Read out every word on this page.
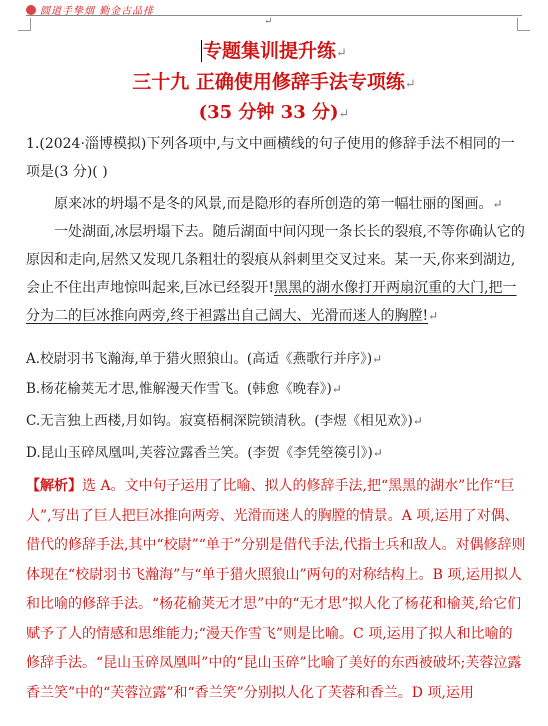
圆道手挚烟 勤金古品排
↵
专题集训提升练↵
三十九 正确使用修辞手法专项练↵
(35 分钟 33 分)↵
1.(2024·淄博模拟)下列各项中,与文中画横线的句子使用的修辞手法不相同的一项是(3 分)( )
原来冰的坍塌不是冬的风景,而是隐形的春所创造的第一幅壮丽的图画。↵
一处湖面,冰层坍塌下去。随后湖面中间闪现一条长长的裂痕,不等你确认它的原因和走向,居然又发现几条粗壮的裂痕从斜刺里交叉过来。某一天,你来到湖边,会止不住出声地惊叫起来,巨冰已经裂开!黑黑的湖水像打开两扇沉重的大门,把一分为二的巨冰推向两旁,终于袒露出自己阔大、光滑而迷人的胸膛!↵
A.校尉羽书飞瀚海,单于猎火照狼山。(高适《燕歌行并序》)↵
B.杨花榆荚无才思,惟解漫天作雪飞。(韩愈《晚春》)↵
C.无言独上西楼,月如钩。寂寞梧桐深院锁清秋。(李煜《相见欢》)↵
D.昆山玉碎凤凰叫,芙蓉泣露香兰笑。(李贺《李凭箜篌引》)↵
【解析】选 A。文中句子运用了比喻、拟人的修辞手法,把“黑黑的湖水”比作“巨人”,写出了巨人把巨冰推向两旁、光滑而迷人的胸膛的情景。A 项,运用了对偶、借代的修辞手法,其中“校尉”“单于”分别是借代手法,代指士兵和敌人。对偶修辞则体现在“校尉羽书飞瀚海”与“单于猎火照狼山”两句的对称结构上。B 项,运用拟人和比喻的修辞手法。“杨花榆荚无才思”中的“无才思”拟人化了杨花和榆荚,给它们赋予了人的情感和思维能力;“漫天作雪飞”则是比喻。C 项,运用了拟人和比喻的修辞手法。“昆山玉碎凤凰叫”中的“昆山玉碎”比喻了美好的东西被破坏;芙蓉泣露香兰笑”中的“芙蓉泣露”和“香兰笑”分别拟人化了芙蓉和香兰。D 项,运用
